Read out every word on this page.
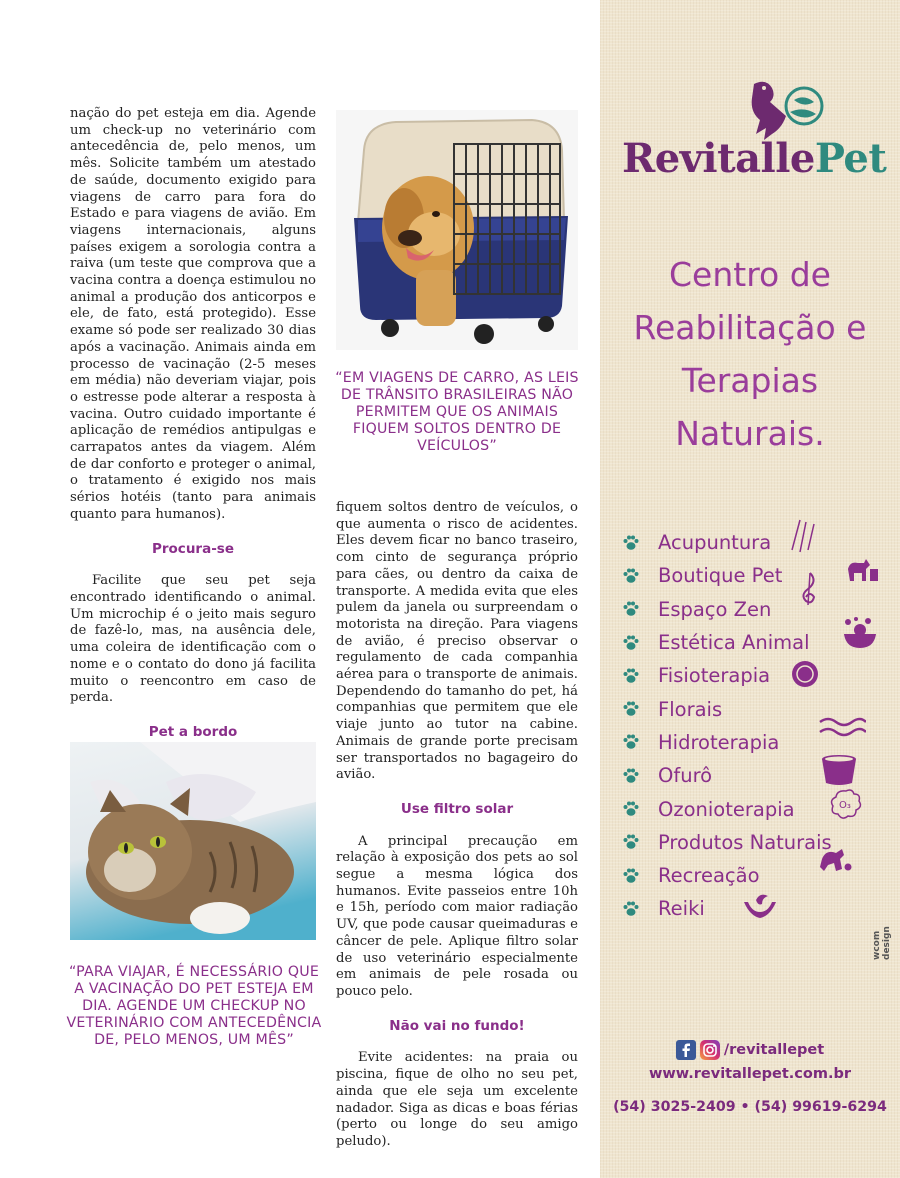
nação do pet esteja em dia. Agende um check-up no veterinário com antecedência de, pelo menos, um mês. Solicite também um atestado de saúde, documento exigido para viagens de carro para fora do Estado e para viagens de avião. Em viagens internacionais, alguns países exigem a sorologia contra a raiva (um teste que comprova que a vacina contra a doença estimulou no animal a produção dos anticorpos e ele, de fato, está protegido). Esse exame só pode ser realizado 30 dias após a vacinação. Animais ainda em processo de vacinação (2-5 meses em média) não deveriam viajar, pois o estresse pode alterar a resposta à vacina. Outro cuidado importante é aplicação de remédios antipulgas e carrapatos antes da viagem. Além de dar conforto e proteger o animal, o tratamento é exigido nos mais sérios hotéis (tanto para animais quanto para humanos).

Procura-se

Facilite que seu pet seja encontrado identificando o animal. Um microchip é o jeito mais seguro de fazê-lo, mas, na ausência dele, uma coleira de identificação com o nome e o contato do dono já facilita muito o reencontro em caso de perda.

Pet a bordo

“EM VIAGENS DE CARRO, AS LEIS DE TRÂNSITO BRASILEIRAS NÃO PERMITEM QUE OS ANIMAIS FIQUEM SOLTOS DENTRO DE VEÍCULOS”

fiquem soltos dentro de veículos, o que aumenta o risco de acidentes. Eles devem ficar no banco traseiro, com cinto de segurança próprio para cães, ou dentro da caixa de transporte. A medida evita que eles pulem da janela ou surpreendam o motorista na direção. Para viagens de avião, é preciso observar o regulamento de cada companhia aérea para o transporte de animais. Dependendo do tamanho do pet, há companhias que permitem que ele viaje junto ao tutor na cabine. Animais de grande porte precisam ser transportados no bagageiro do avião.

Use filtro solar

A principal precaução em relação à exposição dos pets ao sol segue a mesma lógica dos humanos. Evite passeios entre 10h e 15h, período com maior radiação UV, que pode causar queimaduras e câncer de pele. Aplique filtro solar de uso veterinário especialmente em animais de pele rosada ou pouco pelo.

Não vai no fundo!

Evite acidentes: na praia ou piscina, fique de olho no seu pet, ainda que ele seja um excelente nadador. Siga as dicas e boas férias (perto ou longe do seu amigo peludo).

“PARA VIAJAR, É NECESSÁRIO QUE A VACINAÇÃO DO PET ESTEJA EM DIA. AGENDE UM CHECKUP NO VETERINÁRIO COM ANTECEDÊNCIA DE, PELO MENOS, UM MÊS”
RevitallePet
Centro de Reabilitação e Terapias Naturais.
Acupuntura
Boutique Pet
Espaço Zen
Estética Animal
Fisioterapia
Florais
Hidroterapia
Ofurô
Ozonioterapia	O₃
Produtos Naturais
Recreação
Reiki
/revitallepet
www.revitallepet.com.br
(54) 3025-2409 • (54) 99619-6294
wcom design
